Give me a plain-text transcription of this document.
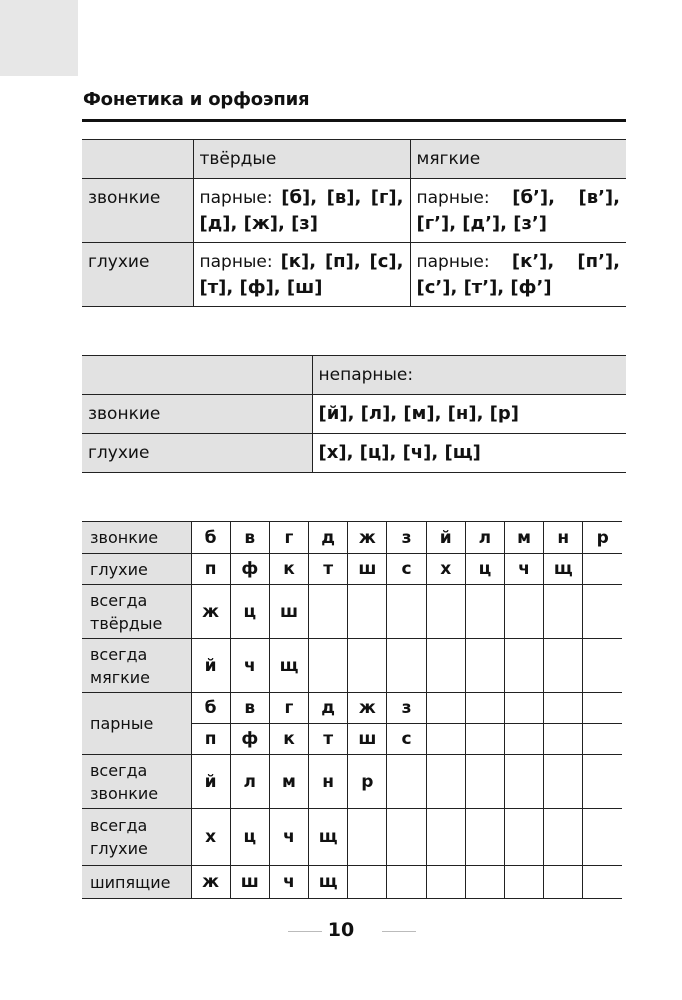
Фонетика и орфоэпия
	твёрдые	мягкие
звонкие	парные: [б], [в], [г], [д], [ж], [з]	парные: [б’], [в’], [г’], [д’], [з’]
глухие	парные: [к], [п], [с], [т], [ф], [ш]	парные: [к’], [п’], [с’], [т’], [ф’]
	непарные:
звонкие	[й], [л], [м], [н], [р]
глухие	[х], [ц], [ч], [щ]
звонкие	б	в	г	д	ж	з	й	л	м	н	р
глухие	п	ф	к	т	ш	с	х	ц	ч	щ	
всегда твёрдые	ж	ц	ш								
всегда мягкие	й	ч	щ								
парные	б	в	г	д	ж	з					
	п	ф	к	т	ш	с					
всегда звонкие	й	л	м	н	р						
всегда глухие	х	ц	ч	щ							
шипящие	ж	ш	ч	щ							
10
